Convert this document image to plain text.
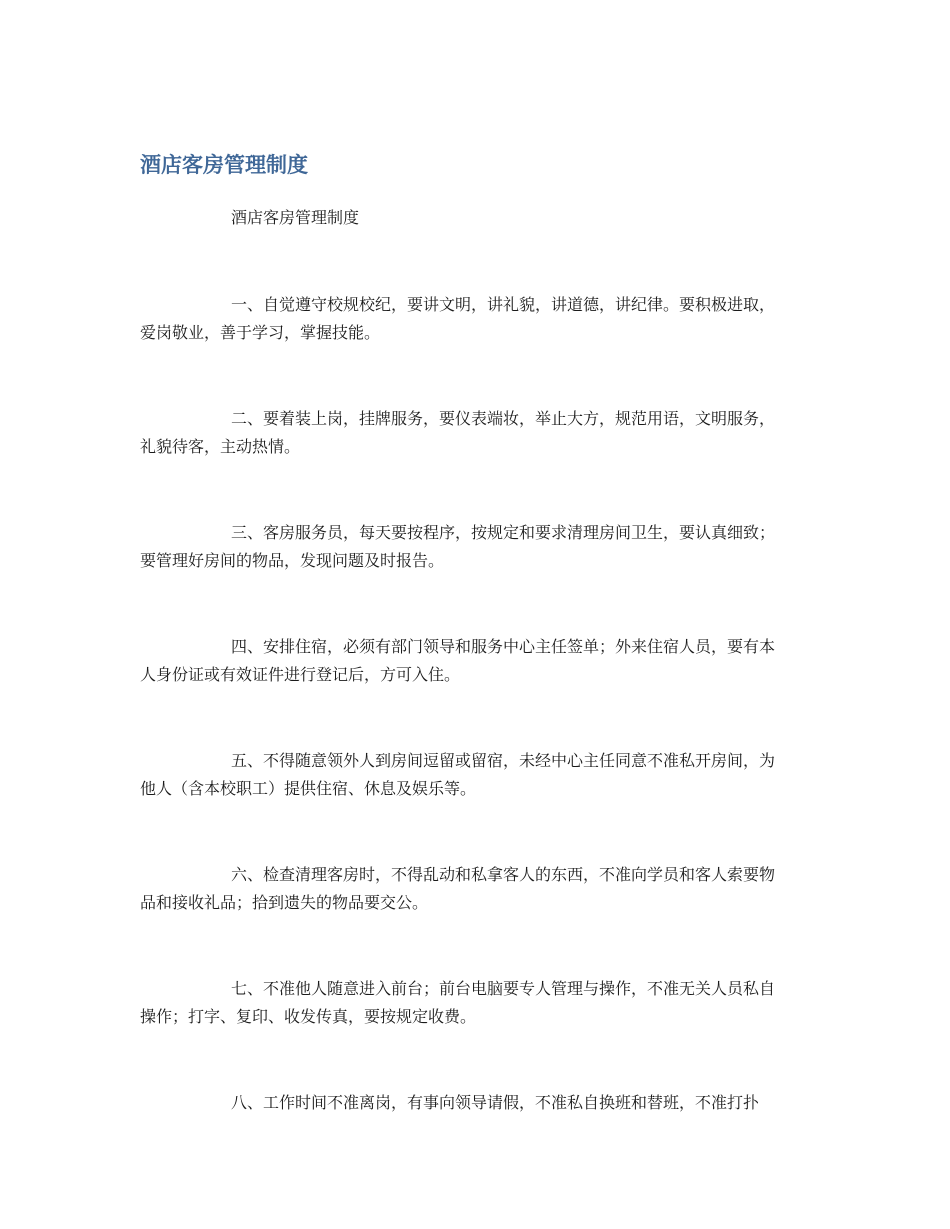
酒店客房管理制度

酒店客房管理制度

一、自觉遵守校规校纪，要讲文明，讲礼貌，讲道德，讲纪律。要积极进取，
爱岗敬业，善于学习，掌握技能。

二、要着装上岗，挂牌服务，要仪表端妆，举止大方，规范用语，文明服务，
礼貌待客，主动热情。

三、客房服务员，每天要按程序，按规定和要求清理房间卫生，要认真细致；
要管理好房间的物品，发现问题及时报告。

四、安排住宿，必须有部门领导和服务中心主任签单；外来住宿人员，要有本
人身份证或有效证件进行登记后，方可入住。

五、不得随意领外人到房间逗留或留宿，未经中心主任同意不准私开房间，为
他人（含本校职工）提供住宿、休息及娱乐等。

六、检查清理客房时，不得乱动和私拿客人的东西，不准向学员和客人索要物
品和接收礼品；拾到遗失的物品要交公。

七、不准他人随意进入前台；前台电脑要专人管理与操作，不准无关人员私自
操作；打字、复印、收发传真，要按规定收费。

八、工作时间不准离岗，有事向领导请假，不准私自换班和替班，不准打扑
